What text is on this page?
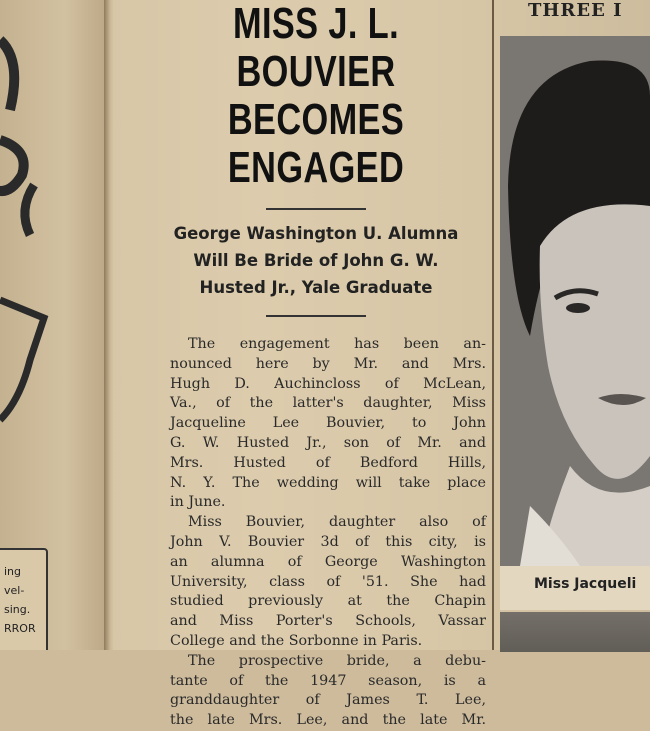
ing
vel-
sing.
RROR
MISS J. L. BOUVIER
BECOMES ENGAGED
George Washington U. Alumna
Will Be Bride of John G. W.
Husted Jr., Yale Graduate

The engagement has been an-
nounced here by Mr. and Mrs.
Hugh D. Auchincloss of McLean,
Va., of the latter's daughter, Miss
Jacqueline Lee Bouvier, to John
G. W. Husted Jr., son of Mr. and
Mrs. Husted of Bedford Hills,
N. Y. The wedding will take place
in June.

Miss Bouvier, daughter also of
John V. Bouvier 3d of this city, is
an alumna of George Washington
University, class of '51. She had
studied previously at the Chapin
and Miss Porter's Schools, Vassar
College and the Sorbonne in Paris.

The prospective bride, a debu-
tante of the 1947 season, is a
granddaughter of James T. Lee,
the late Mrs. Lee, and the late Mr.

THREE I
Miss Jacqueli
